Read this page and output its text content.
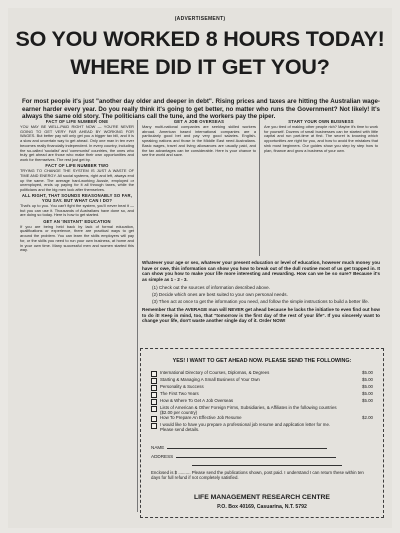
(ADVERTISEMENT)
SO YOU WORKED 8 HOURS TODAY!
WHERE DID IT GET YOU?
For most people it's just "another day older and deeper in debt". Rising prices and taxes are hitting the Australian wage-earner harder every year. Do you really think it's going to get better, no matter who runs the Government? Not likely! It's always the same old story. The politicians call the tune, and the workers pay the piper.
FACT OF LIFE NUMBER ONE
YOU MAY BE WELL-PAID RIGHT NOW — YOU'RE NEVER GOING TO GET VERY FAR AHEAD BY WORKING FOR WAGES. But better pay will only get you a bigger tax bill, and it is a slow and uncertain way to get ahead. Only one man in ten ever becomes really financially independent. In every country, including the so-called 'socialist' and 'communist' countries, the ones who truly get ahead are those who make their own opportunities and work for themselves. The rest just get by.
FACT OF LIFE NUMBER TWO
TRYING TO CHANGE THE SYSTEM IS JUST A WASTE OF TIME AND ENERGY. All social systems, right and left, always end up the same. The average hard-working Aussie, employed or unemployed, ends up paying for it all through taxes, while the politicians and the big men look after themselves.
ALL RIGHT, THAT SOUNDS REASONABLY SO FAR, YOU SAY. BUT WHAT CAN I DO?
That's up to you. You can't fight the system, you'll never beat it — but you can use it. Thousands of Australians have done so, and are doing so today. Here is how to get started.
GET AN 'INSTANT' EDUCATION
If you are being held back by lack of formal education, qualifications or experience, there are practical ways to get around the problem. You can learn the skills employers will pay for, or the skills you need to run your own business, at home and in your own time. Many successful men and women started this way.
GET A JOB OVERSEAS
Many multi-national companies are seeking skilled workers abroad. American based international companies are a particularly good bet and pay very good salaries. English-speaking nations and those in the Middle East need Australians. Basic wages, travel and living allowances are usually paid, and the tax advantages can be considerable. Here is your chance to see the world and save.
START YOUR OWN BUSINESS
Are you tired of making other people rich? Maybe it's time to work for yourself. Dozens of small businesses can be started with little capital and run part-time at first. The secret is knowing which opportunities are right for you, and how to avoid the mistakes that sink most beginners. Our guides show you step by step how to plan, finance and grow a business of your own.
Whatever your age or sex, whatever your present education or level of education, however much money you have or owe, this information can show you how to break out of the dull routine most of us get trapped in. It can show you how to make your life more interesting and rewarding. How can we be so sure? Because it's as simple as 1 - 2 - 3.
(1) Check out the sources of information described above.
(2) Decide which ones are best suited to your own personal needs.
(3) Then act at once to get the information you need, and follow the simple instructions to build a better life.
Remember that the AVERAGE man will NEVER get ahead because he lacks the initiative to even find out how to do it! Keep in mind, too, that "tomorrow is the first day of the rest of your life". If you sincerely want to change your life, don't waste another single day of it. Order NOW!
YES! I WANT TO GET AHEAD NOW. PLEASE SEND THE FOLLOWING:
International Directory of Courses, Diplomas, & Degrees	$5.00
Starting & Managing A Small Business of Your Own	$5.00
Personality & Success	$5.00
The First Two Years	$5.00
How & Where To Get A Job Overseas	$5.00
Lists of American & Other Foreign Firms, Subsidiaries, & Affiliates in the following countries ($2.00 per country)
How To Prepare An Effective Job Resume	$2.00
I would like to have you prepare a professional job resume and application letter for me. Please send details.
NAME
ADDRESS
Enclosed is $ .......... Please send the publications shown, post paid. I understand I can return these within ten days for full refund if not completely satisfied.
LIFE MANAGEMENT RESEARCH CENTRE
P.O. Box 40169, Casuarina, N.T. 5792
